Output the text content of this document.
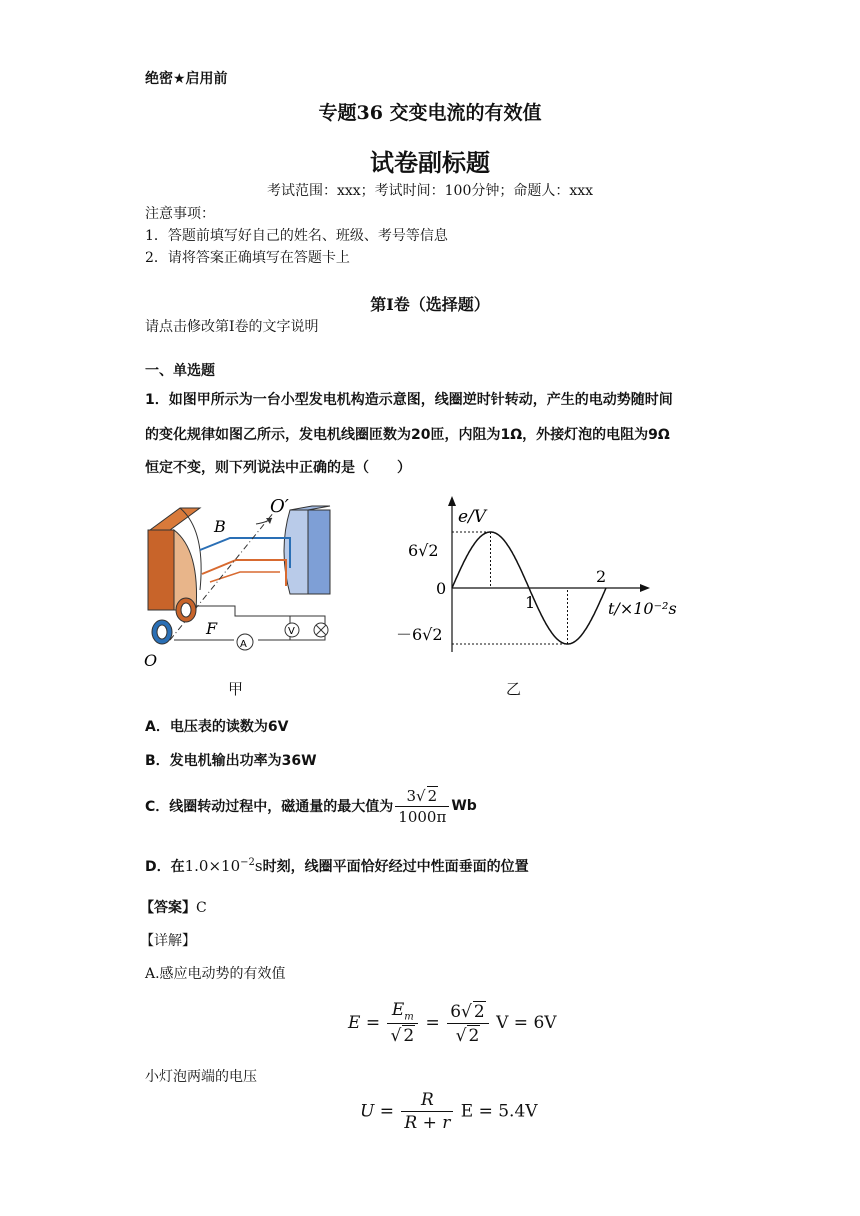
绝密★启用前
专题36 交变电流的有效值
试卷副标题
考试范围：xxx；考试时间：100分钟；命题人：xxx
注意事项：
1．答题前填写好自己的姓名、班级、考号等信息
2．请将答案正确填写在答题卡上
第I卷（选择题）
请点击修改第I卷的文字说明
一、单选题
1．如图甲所示为一台小型发电机构造示意图，线圈逆时针转动，产生的电动势随时间
的变化规律如图乙所示，发电机线圈匝数为20匝，内阻为1Ω，外接灯泡的电阻为9Ω
恒定不变，则下列说法中正确的是（　　）
O′
B
F
O
A
V
甲
e/V
t/×10⁻²s
0
1
2
6√2
－6√2
乙
A．电压表的读数为6V
B．发电机输出功率为36W
C．线圈转动过程中，磁通量的最大值为 $\frac{3√ 2}{1000\pi}$ Wb
D．在$1.0\times 10^{-2}s$时刻，线圈平面恰好经过中性面垂面的位置
【答案】C
【详解】
A.感应电动势的有效值
$E = \frac{E_m}{√ 2} = \frac{6√ 2}{√ 2}$ V = 6V
小灯泡两端的电压
$U = \frac{R}{R + r}$ E = 5.4V
